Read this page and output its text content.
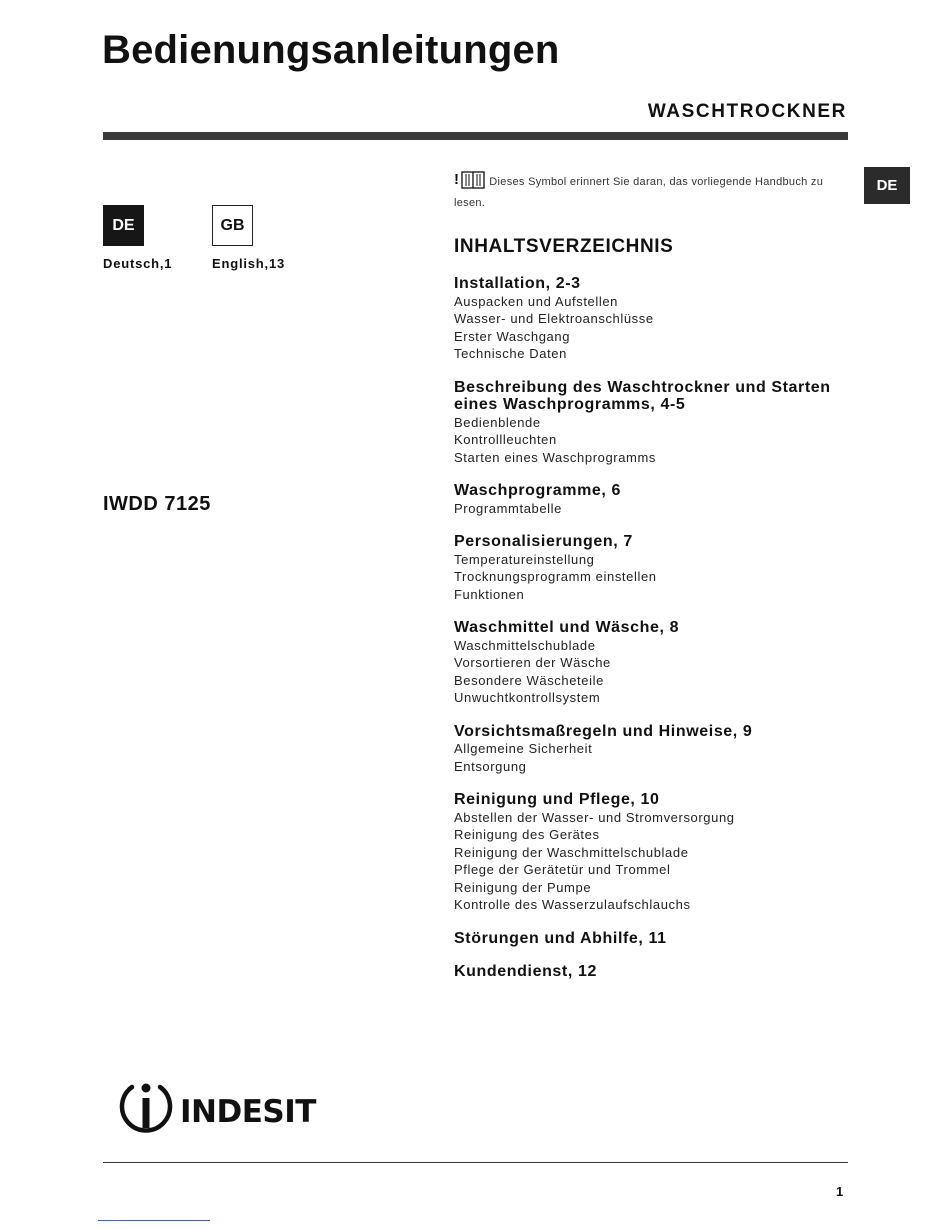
Bedienungsanleitungen
WASCHTROCKNER
DE
DE	GB
Deutsch,1	English,13
IWDD 7125
!	Dieses Symbol erinnert Sie daran, das vorliegende Handbuch zu lesen.
INHALTSVERZEICHNIS
Installation, 2-3
Auspacken und Aufstellen
Wasser- und Elektroanschlüsse
Erster Waschgang
Technische Daten
Beschreibung des Waschtrockner und Starten eines Waschprogramms, 4-5
Bedienblende
Kontrollleuchten
Starten eines Waschprogramms
Waschprogramme, 6
Programmtabelle
Personalisierungen, 7
Temperatureinstellung
Trocknungsprogramm einstellen
Funktionen
Waschmittel und Wäsche, 8
Waschmittelschublade
Vorsortieren der Wäsche
Besondere Wäscheteile
Unwuchtkontrollsystem
Vorsichtsmaßregeln und Hinweise, 9
Allgemeine Sicherheit
Entsorgung
Reinigung und Pflege, 10
Abstellen der Wasser- und Stromversorgung
Reinigung des Gerätes
Reinigung der Waschmittelschublade
Pflege der Gerätetür und Trommel
Reinigung der Pumpe
Kontrolle des Wasserzulaufschlauchs
Störungen und Abhilfe, 11
Kundendienst, 12
INDESIT
1
